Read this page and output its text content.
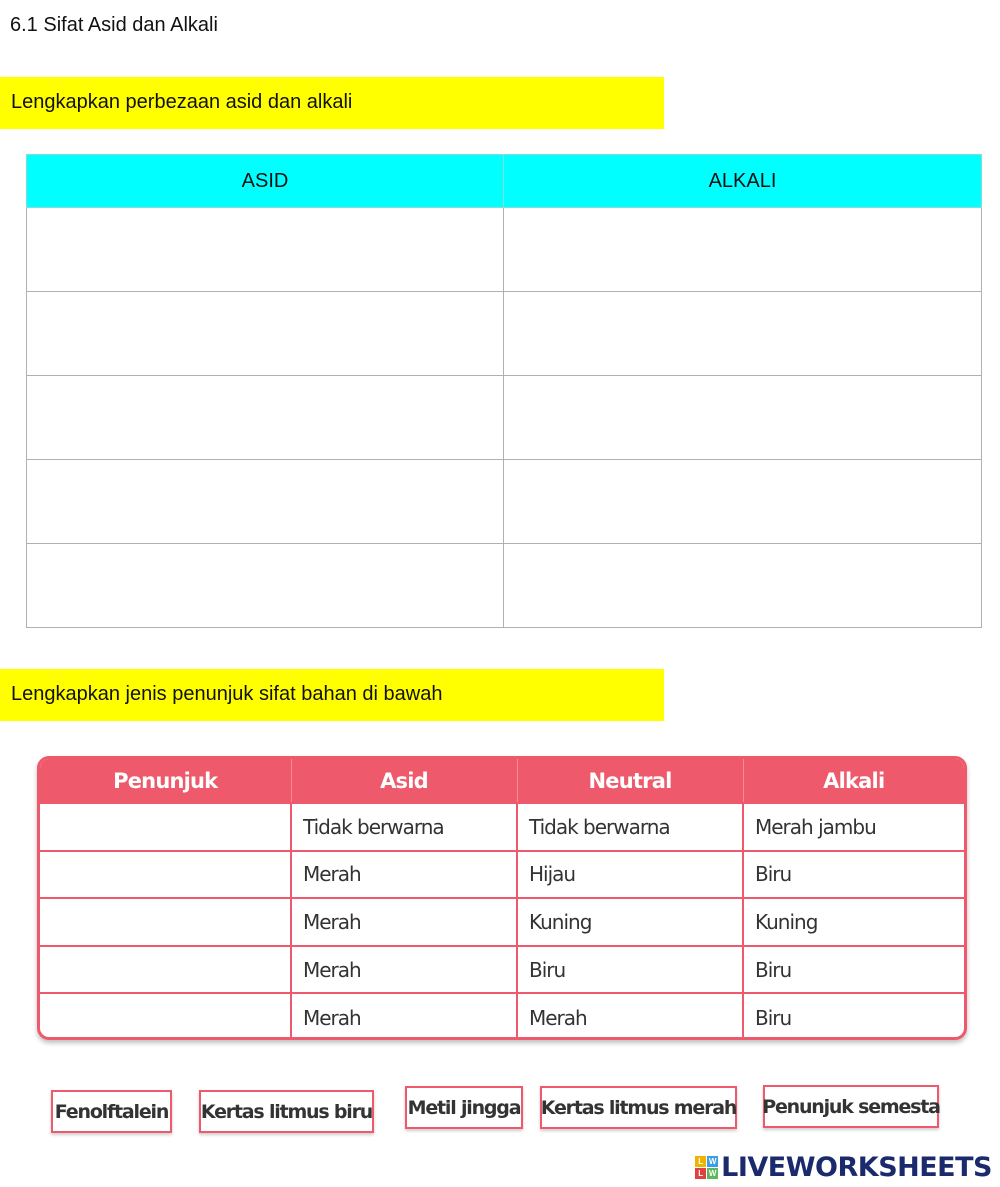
6.1 Sifat Asid dan Alkali
Lengkapkan perbezaan asid dan alkali
ASID	ALKALI

Lengkapkan jenis penunjuk sifat bahan di bawah
Penunjuk	Asid	Neutral	Alkali
	Tidak berwarna	Tidak berwarna	Merah jambu
	Merah	Hijau	Biru
	Merah	Kuning	Kuning
	Merah	Biru	Biru
	Merah	Merah	Biru
Fenolftalein Kertas litmus biru Metil jingga Kertas litmus merah Penunjuk semesta
L W
L W LIVEWORKSHEETS
